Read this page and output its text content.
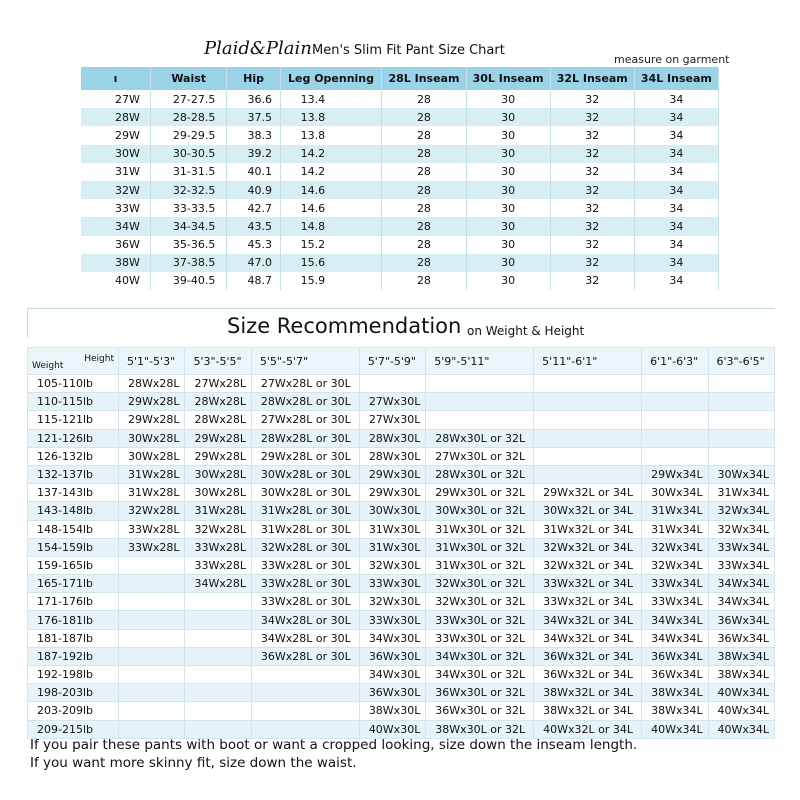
Plaid&Plain Men's Slim Fit Pant Size Chart
measure on garment
ı	Waist	Hip	Leg Openning	28L Inseam	30L Inseam	32L Inseam	34L Inseam
27W	27-27.5	36.6	13.4	28	30	32	34
28W	28-28.5	37.5	13.8	28	30	32	34
29W	29-29.5	38.3	13.8	28	30	32	34
30W	30-30.5	39.2	14.2	28	30	32	34
31W	31-31.5	40.1	14.2	28	30	32	34
32W	32-32.5	40.9	14.6	28	30	32	34
33W	33-33.5	42.7	14.6	28	30	32	34
34W	34-34.5	43.5	14.8	28	30	32	34
36W	35-36.5	45.3	15.2	28	30	32	34
38W	37-38.5	47.0	15.6	28	30	32	34
40W	39-40.5	48.7	15.9	28	30	32	34
Size Recommendation on Weight & Height
Weight
Height	5'1"-5'3"	5'3"-5'5"	5'5"-5'7"	5'7"-5'9"	5'9"-5'11"	5'11"-6'1"	6'1"-6'3"	6'3"-6'5"
105-110lb	28Wx28L	27Wx28L	27Wx28L or 30L					
110-115lb	29Wx28L	28Wx28L	28Wx28L or 30L	27Wx30L				
115-121lb	29Wx28L	28Wx28L	27Wx28L or 30L	27Wx30L				
121-126lb	30Wx28L	29Wx28L	28Wx28L or 30L	28Wx30L	28Wx30L or 32L			
126-132lb	30Wx28L	29Wx28L	29Wx28L or 30L	28Wx30L	27Wx30L or 32L			
132-137lb	31Wx28L	30Wx28L	30Wx28L or 30L	29Wx30L	28Wx30L or 32L		29Wx34L	30Wx34L
137-143lb	31Wx28L	30Wx28L	30Wx28L or 30L	29Wx30L	29Wx30L or 32L	29Wx32L or 34L	30Wx34L	31Wx34L
143-148lb	32Wx28L	31Wx28L	31Wx28L or 30L	30Wx30L	30Wx30L or 32L	30Wx32L or 34L	31Wx34L	32Wx34L
148-154lb	33Wx28L	32Wx28L	31Wx28L or 30L	31Wx30L	31Wx30L or 32L	31Wx32L or 34L	31Wx34L	32Wx34L
154-159lb	33Wx28L	33Wx28L	32Wx28L or 30L	31Wx30L	31Wx30L or 32L	32Wx32L or 34L	32Wx34L	33Wx34L
159-165lb		33Wx28L	33Wx28L or 30L	32Wx30L	31Wx30L or 32L	32Wx32L or 34L	32Wx34L	33Wx34L
165-171lb		34Wx28L	33Wx28L or 30L	33Wx30L	32Wx30L or 32L	33Wx32L or 34L	33Wx34L	34Wx34L
171-176lb			33Wx28L or 30L	32Wx30L	32Wx30L or 32L	33Wx32L or 34L	33Wx34L	34Wx34L
176-181lb			34Wx28L or 30L	33Wx30L	33Wx30L or 32L	34Wx32L or 34L	34Wx34L	36Wx34L
181-187lb			34Wx28L or 30L	34Wx30L	33Wx30L or 32L	34Wx32L or 34L	34Wx34L	36Wx34L
187-192lb			36Wx28L or 30L	36Wx30L	34Wx30L or 32L	36Wx32L or 34L	36Wx34L	38Wx34L
192-198lb				34Wx30L	34Wx30L or 32L	36Wx32L or 34L	36Wx34L	38Wx34L
198-203lb				36Wx30L	36Wx30L or 32L	38Wx32L or 34L	38Wx34L	40Wx34L
203-209lb				38Wx30L	36Wx30L or 32L	38Wx32L or 34L	38Wx34L	40Wx34L
209-215lb				40Wx30L	38Wx30L or 32L	40Wx32L or 34L	40Wx34L	40Wx34L
If you pair these pants with boot or want a cropped looking, size down the inseam length.
If you want more skinny fit, size down the waist.
